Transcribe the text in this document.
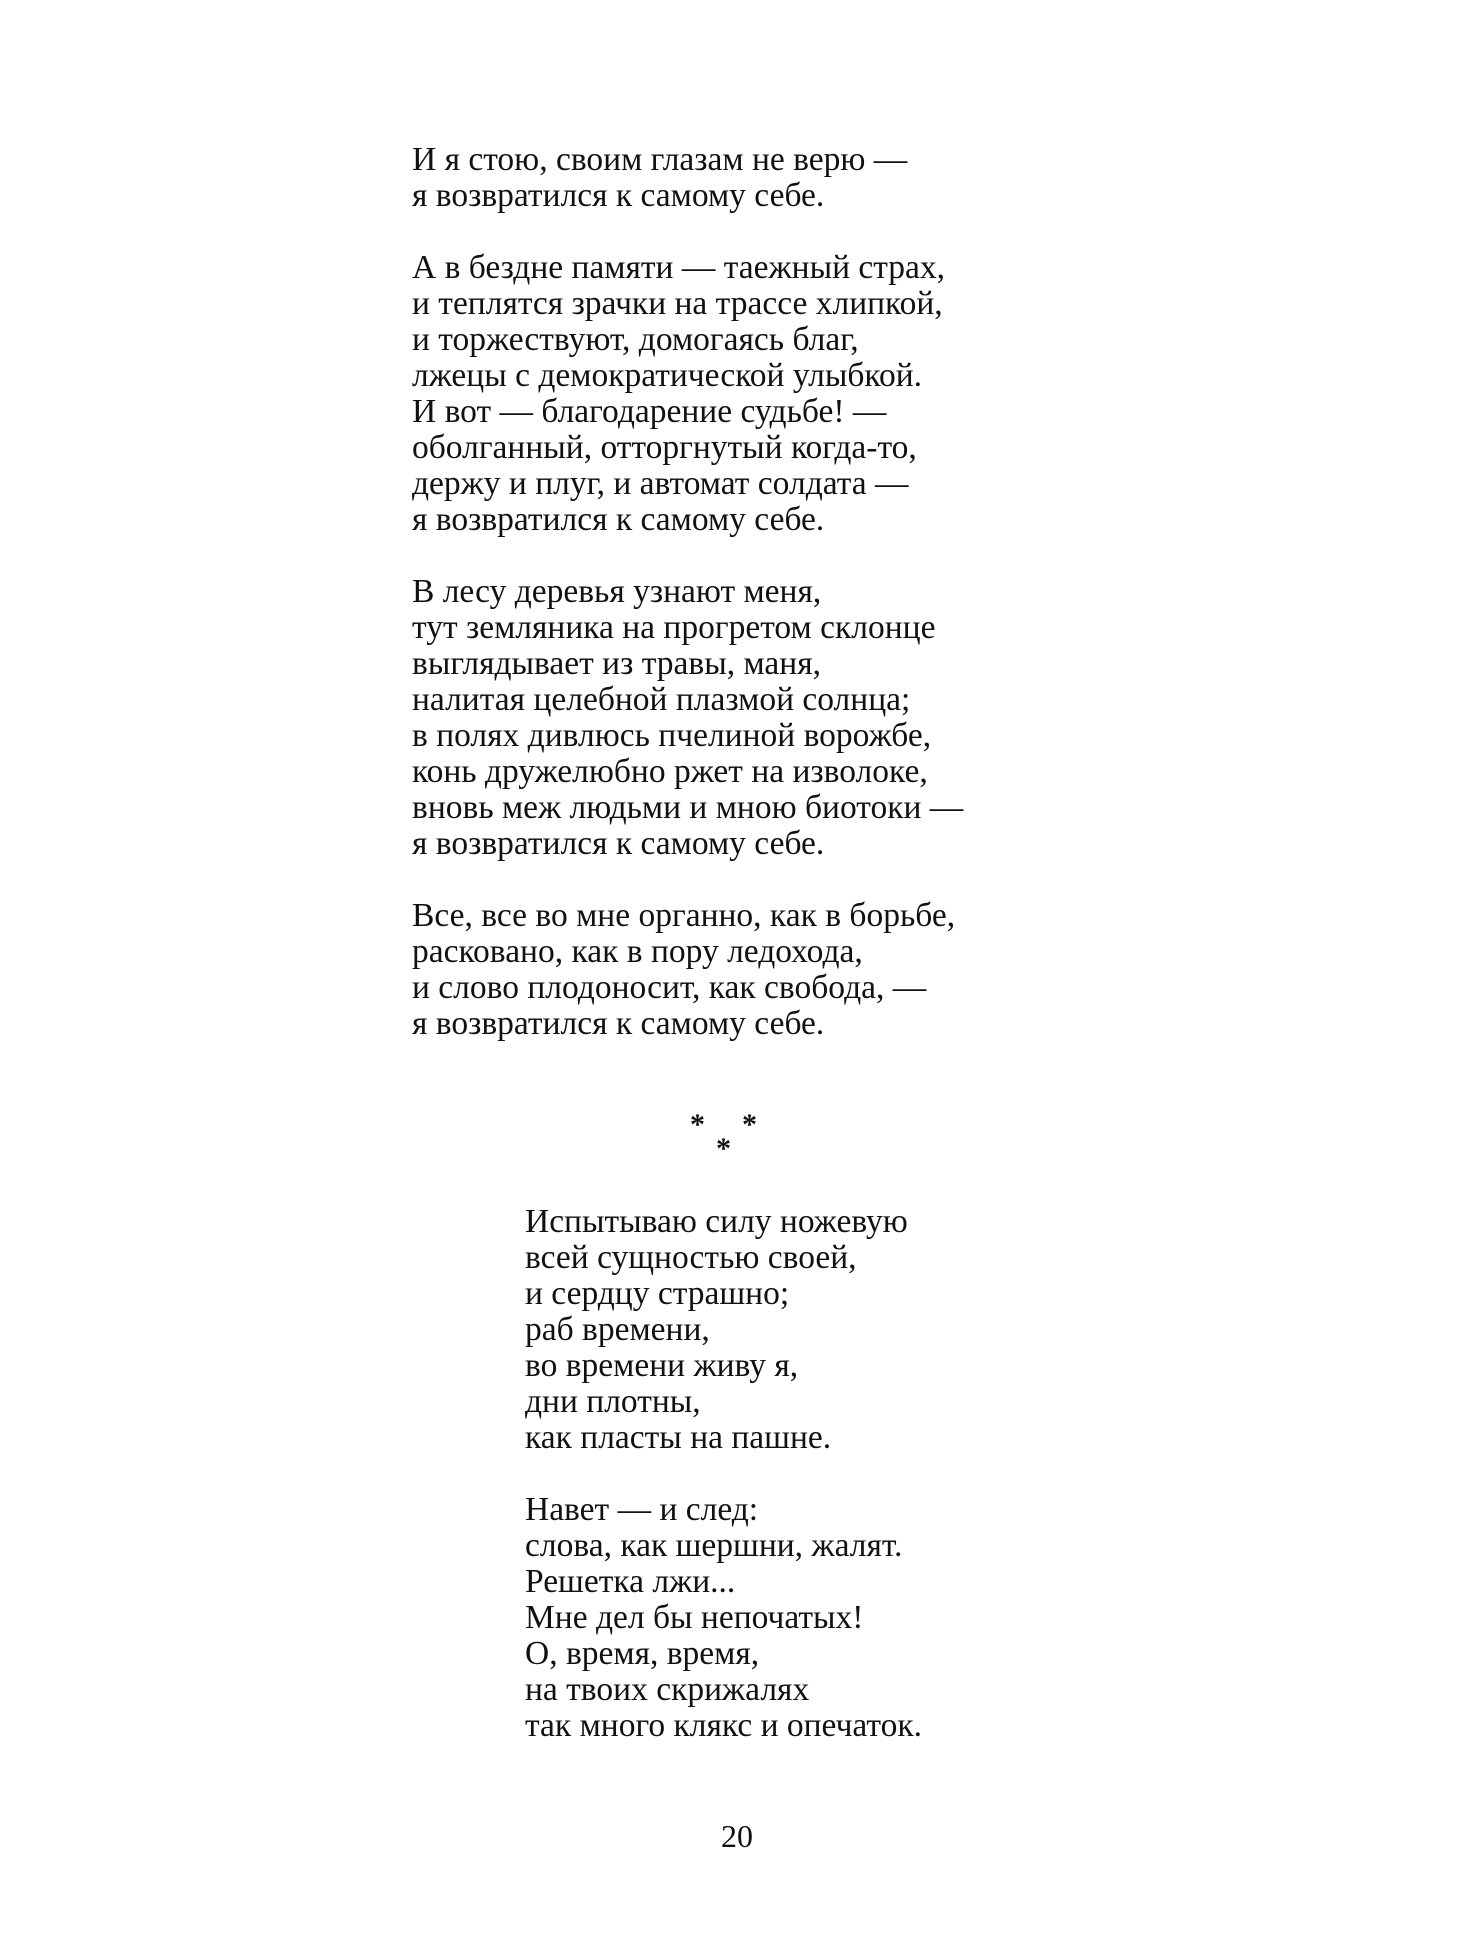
И я стою, своим глазам не верю —
я возвратился к самому себе.
А в бездне памяти — таежный страх,
и теплятся зрачки на трассе хлипкой,
и торжествуют, домогаясь благ,
лжецы с демократической улыбкой.
И вот — благодарение судьбе! —
оболганный, отторгнутый когда-то,
держу и плуг, и автомат солдата —
я возвратился к самому себе.
В лесу деревья узнают меня,
тут земляника на прогретом склонце
выглядывает из травы, маня,
налитая целебной плазмой солнца;
в полях дивлюсь пчелиной ворожбе,
конь дружелюбно ржет на изволоке,
вновь меж людьми и мною биотоки —
я возвратился к самому себе.
Все, все во мне органно, как в борьбе,
расковано, как в пору ледохода,
и слово плодоносит, как свобода, —
я возвратился к самому себе.
* *
*
Испытываю силу ножевую
всей сущностью своей,
и сердцу страшно;
раб времени,
во времени живу я,
дни плотны,
как пласты на пашне.
Навет — и след:
слова, как шершни, жалят.
Решетка лжи...
Мне дел бы непочатых!
О, время, время,
на твоих скрижалях
так много клякс и опечаток.
20
